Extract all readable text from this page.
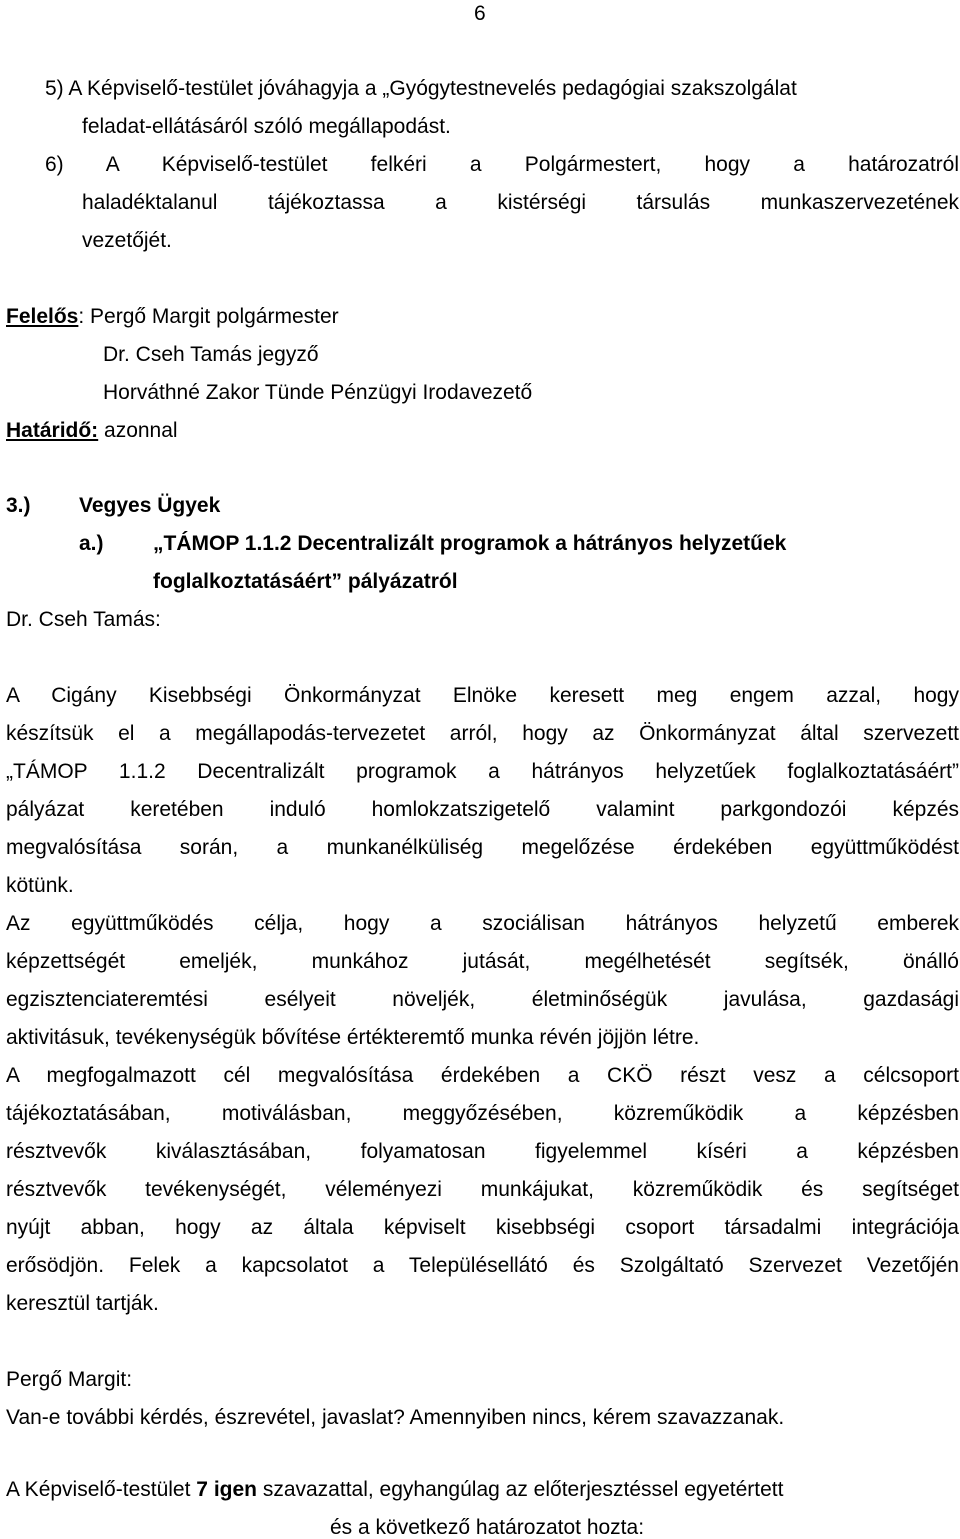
6
5) A Képviselő-testület jóváhagyja a „Gyógytestnevelés pedagógiai szakszolgálat
feladat-ellátásáról szóló megállapodást.
6) A Képviselő-testület felkéri a Polgármestert, hogy a határozatról
haladéktalanul tájékoztassa a kistérségi társulás munkaszervezetének
vezetőjét.
Felelős: Pergő Margit polgármester
Dr. Cseh Tamás jegyző
Horváthné Zakor Tünde Pénzügyi Irodavezető
Határidő: azonnal
3.) Vegyes Ügyek
a.) „TÁMOP 1.1.2 Decentralizált programok a hátrányos helyzetűek
foglalkoztatásáért” pályázatról
Dr. Cseh Tamás:
A Cigány Kisebbségi Önkormányzat Elnöke keresett meg engem azzal, hogy
készítsük el a megállapodás-tervezetet arról, hogy az Önkormányzat által szervezett
„TÁMOP 1.1.2 Decentralizált programok a hátrányos helyzetűek foglalkoztatásáért”
pályázat keretében induló homlokzatszigetelő valamint parkgondozói képzés
megvalósítása során, a munkanélküliség megelőzése érdekében együttműködést
kötünk.
Az együttműködés célja, hogy a szociálisan hátrányos helyzetű emberek
képzettségét emeljék, munkához jutását, megélhetését segítsék, önálló
egzisztenciateremtési esélyeit növeljék, életminőségük javulása, gazdasági
aktivitásuk, tevékenységük bővítése értékteremtő munka révén jöjjön létre.
A megfogalmazott cél megvalósítása érdekében a CKÖ részt vesz a célcsoport
tájékoztatásában, motiválásban, meggyőzésében, közreműködik a képzésben
résztvevők kiválasztásában, folyamatosan figyelemmel kíséri a képzésben
résztvevők tevékenységét, véleményezi munkájukat, közreműködik és segítséget
nyújt abban, hogy az általa képviselt kisebbségi csoport társadalmi integrációja
erősödjön. Felek a kapcsolatot a Településellátó és Szolgáltató Szervezet Vezetőjén
keresztül tartják.
Pergő Margit:
Van-e további kérdés, észrevétel, javaslat? Amennyiben nincs, kérem szavazzanak.
A Képviselő-testület 7 igen szavazattal, egyhangúlag az előterjesztéssel egyetértett
és a következő határozatot hozta:
